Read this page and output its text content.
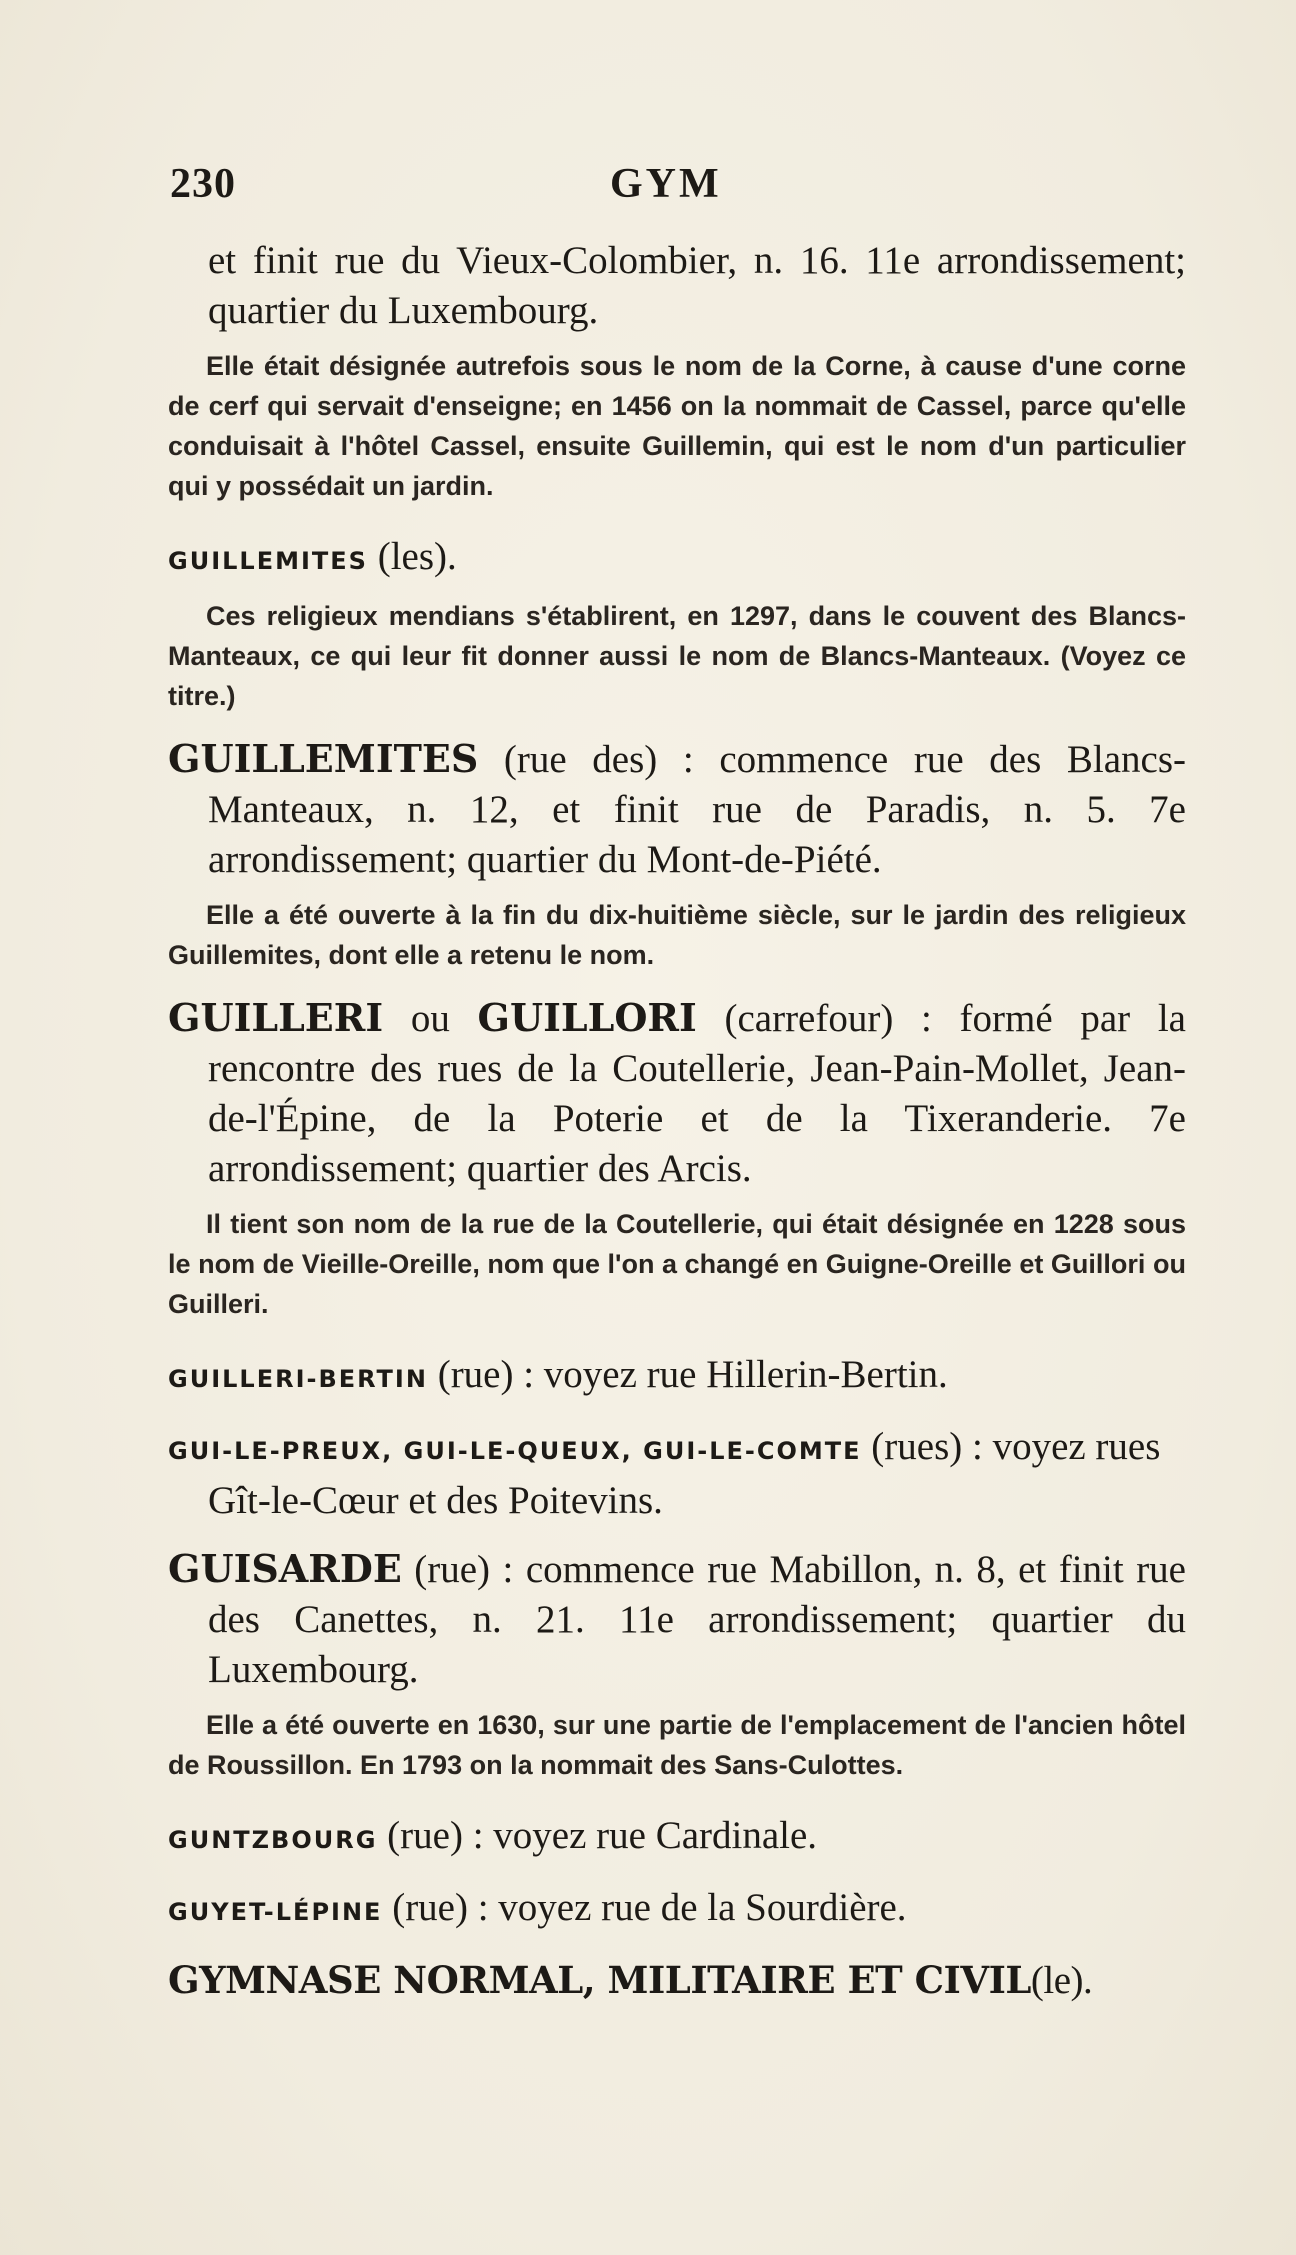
230	GYM

et finit rue du Vieux-Colombier, n. 16. 11e arrondissement; quartier du Luxembourg.

Elle était désignée autrefois sous le nom de la Corne, à cause d'une corne de cerf qui servait d'enseigne; en 1456 on la nommait de Cassel, parce qu'elle conduisait à l'hôtel Cassel, ensuite Guillemin, qui est le nom d'un particulier qui y possédait un jardin.

GUILLEMITES (les).

Ces religieux mendians s'établirent, en 1297, dans le couvent des Blancs-Manteaux, ce qui leur fit donner aussi le nom de Blancs-Manteaux. (Voyez ce titre.)

GUILLEMITES (rue des) : commence rue des Blancs-Manteaux, n. 12, et finit rue de Paradis, n. 5. 7e arrondissement; quartier du Mont-de-Piété.

Elle a été ouverte à la fin du dix-huitième siècle, sur le jardin des religieux Guillemites, dont elle a retenu le nom.

GUILLERI ou GUILLORI (carrefour) : formé par la rencontre des rues de la Coutellerie, Jean-Pain-Mollet, Jean-de-l'Épine, de la Poterie et de la Tixeranderie. 7e arrondissement; quartier des Arcis.

Il tient son nom de la rue de la Coutellerie, qui était désignée en 1228 sous le nom de Vieille-Oreille, nom que l'on a changé en Guigne-Oreille et Guillori ou Guilleri.

GUILLERI-BERTIN (rue) : voyez rue Hillerin-Bertin.

GUI-LE-PREUX, GUI-LE-QUEUX, GUI-LE-COMTE (rues) : voyez rues Gît-le-Cœur et des Poitevins.

GUISARDE (rue) : commence rue Mabillon, n. 8, et finit rue des Canettes, n. 21. 11e arrondissement; quartier du Luxembourg.

Elle a été ouverte en 1630, sur une partie de l'emplacement de l'ancien hôtel de Roussillon. En 1793 on la nommait des Sans-Culottes.

GUNTZBOURG (rue) : voyez rue Cardinale.

GUYET-LÉPINE (rue) : voyez rue de la Sourdière.

GYMNASE NORMAL, MILITAIRE ET CIVIL(le).
